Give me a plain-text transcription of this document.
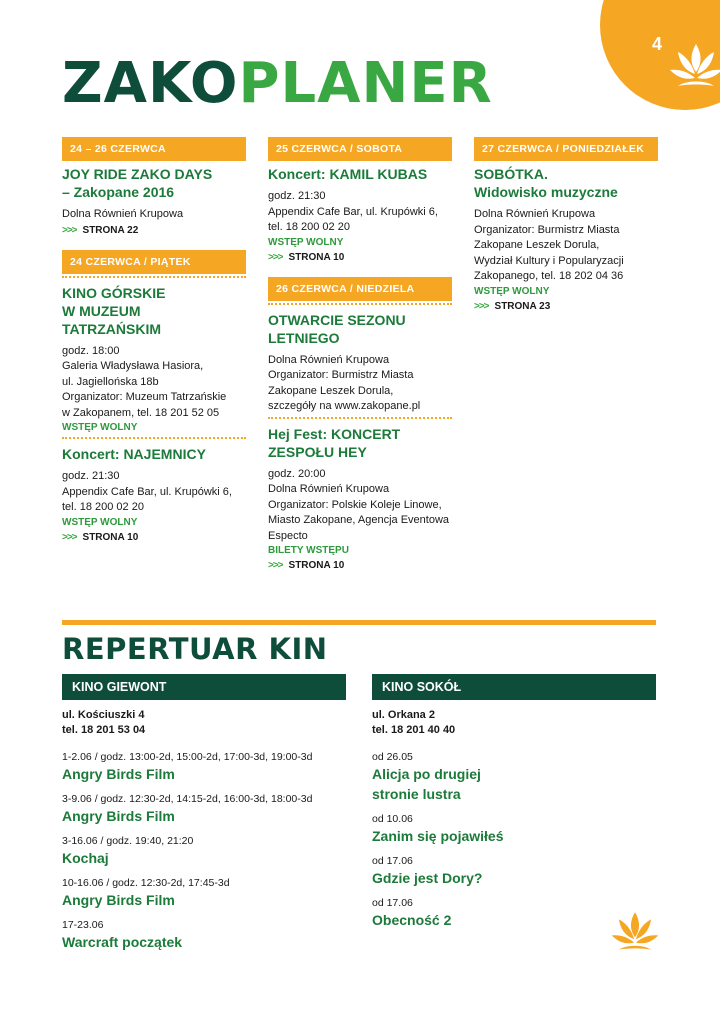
4
ZAKOPLANER
24 – 26 CZERWCA
JOY RIDE ZAKO DAYS
– Zakopane 2016
Dolna Równień Krupowa
>>> STRONA 22
24 CZERWCA / PIĄTEK
KINO GÓRSKIE
W MUZEUM
TATRZAŃSKIM
godz. 18:00
Galeria Władysława Hasiora,
ul. Jagiellońska 18b
Organizator: Muzeum Tatrzańskie
w Zakopanem, tel. 18 201 52 05
WSTĘP WOLNY
Koncert: NAJEMNICY
godz. 21:30
Appendix Cafe Bar, ul. Krupówki 6,
tel. 18 200 02 20
WSTĘP WOLNY
>>> STRONA 10
25 CZERWCA / SOBOTA
Koncert: KAMIL KUBAS
godz. 21:30
Appendix Cafe Bar, ul. Krupówki 6,
tel. 18 200 02 20
WSTĘP WOLNY
>>> STRONA 10
26 CZERWCA / NIEDZIELA
OTWARCIE SEZONU
LETNIEGO
Dolna Równień Krupowa
Organizator: Burmistrz Miasta
Zakopane Leszek Dorula,
szczegóły na www.zakopane.pl
Hej Fest: KONCERT
ZESPOŁU HEY
godz. 20:00
Dolna Równień Krupowa
Organizator: Polskie Koleje Linowe,
Miasto Zakopane, Agencja Eventowa
Especto
BILETY WSTĘPU
>>> STRONA 10
27 CZERWCA / PONIEDZIAŁEK
SOBÓTKA.
Widowisko muzyczne
Dolna Równień Krupowa
Organizator: Burmistrz Miasta
Zakopane Leszek Dorula,
Wydział Kultury i Popularyzacji
Zakopanego, tel. 18 202 04 36
WSTĘP WOLNY
>>> STRONA 23
REPERTUAR KIN
KINO GIEWONT
ul. Kościuszki 4
tel. 18 201 53 04
1-2.06 / godz. 13:00-2d, 15:00-2d, 17:00-3d, 19:00-3d
Angry Birds Film
3-9.06 / godz. 12:30-2d, 14:15-2d, 16:00-3d, 18:00-3d
Angry Birds Film
3-16.06 / godz. 19:40, 21:20
Kochaj
10-16.06 / godz. 12:30-2d, 17:45-3d
Angry Birds Film
17-23.06
Warcraft początek
KINO SOKÓŁ
ul. Orkana 2
tel. 18 201 40 40
od 26.05
Alicja po drugiej
stronie lustra
od 10.06
Zanim się pojawiłeś
od 17.06
Gdzie jest Dory?
od 17.06
Obecność 2
